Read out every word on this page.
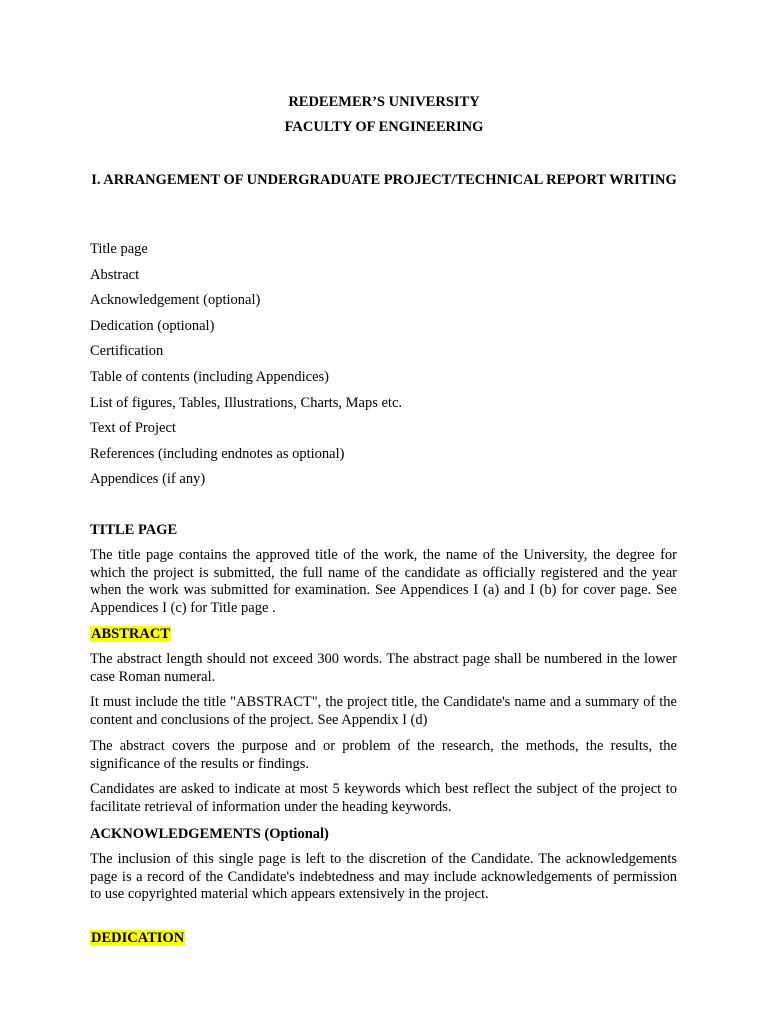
REDEEMER’S UNIVERSITY
FACULTY OF ENGINEERING
I. ARRANGEMENT OF UNDERGRADUATE PROJECT/TECHNICAL REPORT WRITING
Title page
Abstract
Acknowledgement (optional)
Dedication (optional)
Certification
Table of contents (including Appendices)
List of figures, Tables, Illustrations, Charts, Maps etc.
Text of Project
References (including endnotes as optional)
Appendices (if any)
TITLE PAGE

The title page contains the approved title of the work, the name of the University, the degree for which the project is submitted, the full name of the candidate as officially registered and the year when the work was submitted for examination. See Appendices I (a) and I (b) for cover page. See Appendices I (c) for Title page .

ABSTRACT

The abstract length should not exceed 300 words. The abstract page shall be numbered in the lower case Roman numeral.

It must include the title "ABSTRACT", the project title, the Candidate's name and a summary of the content and conclusions of the project. See Appendix I (d)

The abstract covers the purpose and or problem of the research, the methods, the results, the significance of the results or findings.

Candidates are asked to indicate at most 5 keywords which best reflect the subject of the project to facilitate retrieval of information under the heading keywords.

ACKNOWLEDGEMENTS (Optional)

The inclusion of this single page is left to the discretion of the Candidate. The acknowledgements page is a record of the Candidate's indebtedness and may include acknowledgements of permission to use copyrighted material which appears extensively in the project.

DEDICATION
